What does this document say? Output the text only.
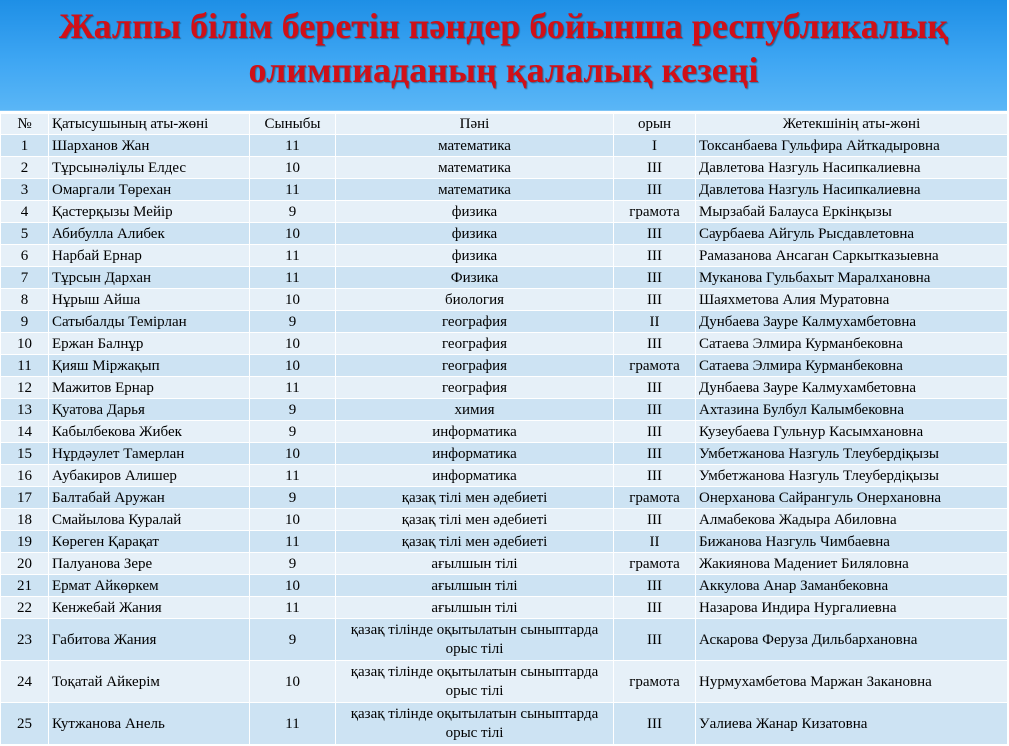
Жалпы білім беретін пәндер бойынша республикалық
олимпиаданың қалалық кезеңі
№	Қатысушының аты-жөні	Сыныбы	Пәні	орын	Жетекшінің аты-жөні
1	Шарханов Жан	11	математика	I	Токсанбаева Гульфира Айткадыровна
2	Тұрсынәліұлы Елдес	10	математика	III	Давлетова Назгуль Насипкалиевна
3	Омаргали Төрехан	11	математика	III	Давлетова Назгуль Насипкалиевна
4	Қастерқызы Мейір	9	физика	грамота	Мырзабай Балауса Еркінқызы
5	Абибулла Алибек	10	физика	III	Саурбаева Айгуль Рысдавлетовна
6	Нарбай Ернар	11	физика	III	Рамазанова Ансаган Саркытказыевна
7	Тұрсын Дархан	11	Физика	III	Муканова Гульбахыт Маралхановна
8	Нұрыш Айша	10	биология	III	Шаяхметова Алия Муратовна
9	Сатыбалды Темірлан	9	география	II	Дунбаева Зауре Калмухамбетовна
10	Ержан Балнұр	10	география	III	Сатаева Элмира Курманбековна
11	Қияш Міржақып	10	география	грамота	Сатаева Элмира Курманбековна
12	Мажитов Ернар	11	география	III	Дунбаева Зауре Калмухамбетовна
13	Қуатова Дарья	9	химия	III	Ахтазина Булбул Калымбековна
14	Кабылбекова Жибек	9	информатика	III	Кузеубаева Гульнур Касымхановна
15	Нұрдәулет Тамерлан	10	информатика	III	Умбетжанова Назгуль Тлеубердiқызы
16	Аубакиров Алишер	11	информатика	III	Умбетжанова Назгуль Тлеубердiқызы
17	Балтабай Аружан	9	қазақ тілі мен әдебиеті	грамота	Онерханова Сайрангуль Онерхановна
18	Смайылова Куралай	10	қазақ тілі мен әдебиеті	III	Алмабекова Жадыра Абиловна
19	Көреген Қарақат	11	қазақ тілі мен әдебиеті	II	Бижанова Назгуль Чимбаевна
20	Палуанова Зере	9	ағылшын тілі	грамота	Жакиянова Мадениет Биляловна
21	Ермат Айкөркем	10	ағылшын тілі	III	Аккулова Анар Заманбековна
22	Кенжебай Жания	11	ағылшын тілі	III	Назарова Индира Нургалиевна
23	Габитова Жания	9	қазақ тілінде оқытылатын сыныптарда орыс тілі	III	Аскарова Феруза Дильбархановна
24	Тоқатай Айкерім	10	қазақ тілінде оқытылатын сыныптарда орыс тілі	грамота	Нурмухамбетова Маржан Закановна
25	Кутжанова Анель	11	қазақ тілінде оқытылатын сыныптарда орыс тілі	III	Уалиева Жанар Кизатовна
